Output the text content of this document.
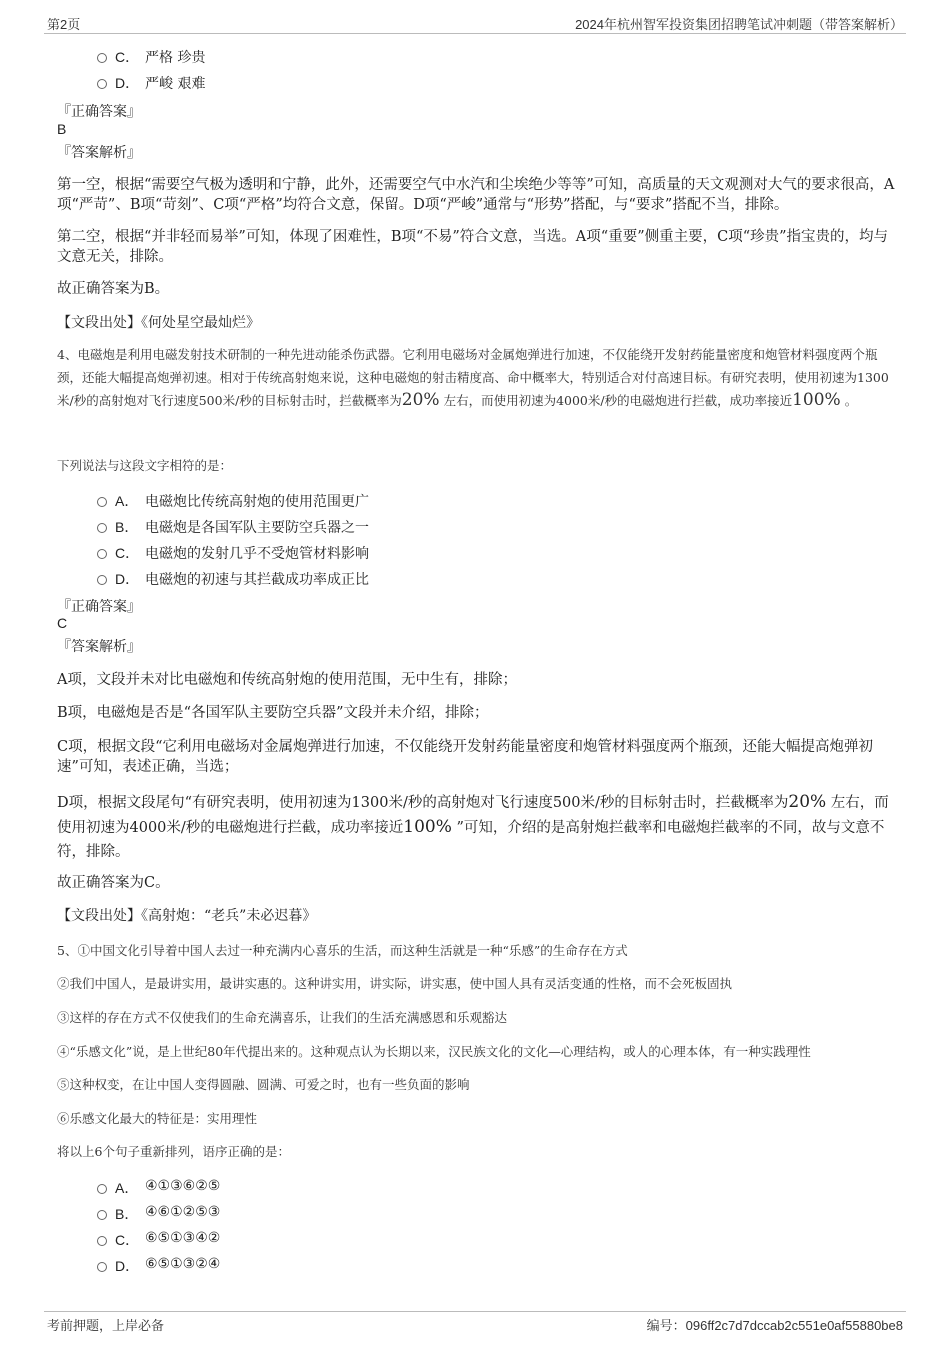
第2页	2024年杭州智军投资集团招聘笔试冲刺题（带答案解析）
C． 严格 珍贵
D． 严峻 艰难
『正确答案』
B
『答案解析』
第一空，根据“需要空气极为透明和宁静，此外，还需要空气中水汽和尘埃绝少等等”可知，高质量的天文观测对大气的要求很高，A项“严苛”、B项“苛刻”、C项“严格”均符合文意，保留。D项“严峻”通常与“形势”搭配，与“要求”搭配不当，排除。
第二空，根据“并非轻而易举”可知，体现了困难性，B项“不易”符合文意，当选。A项“重要”侧重主要，C项“珍贵”指宝贵的，均与文意无关，排除。
故正确答案为B。
【文段出处】《何处星空最灿烂》
4、电磁炮是利用电磁发射技术研制的一种先进动能杀伤武器。它利用电磁场对金属炮弹进行加速，不仅能绕开发射药能量密度和炮管材料强度两个瓶颈，还能大幅提高炮弹初速。相对于传统高射炮来说，这种电磁炮的射击精度高、命中概率大，特别适合对付高速目标。有研究表明，使用初速为1300米/秒的高射炮对飞行速度500米/秒的目标射击时，拦截概率为20% 左右，而使用初速为4000米/秒的电磁炮进行拦截，成功率接近100% 。
下列说法与这段文字相符的是：
A． 电磁炮比传统高射炮的使用范围更广
B． 电磁炮是各国军队主要防空兵器之一
C． 电磁炮的发射几乎不受炮管材料影响
D． 电磁炮的初速与其拦截成功率成正比
『正确答案』
C
『答案解析』
A项，文段并未对比电磁炮和传统高射炮的使用范围，无中生有，排除；
B项，电磁炮是否是“各国军队主要防空兵器”文段并未介绍，排除；
C项，根据文段“它利用电磁场对金属炮弹进行加速，不仅能绕开发射药能量密度和炮管材料强度两个瓶颈，还能大幅提高炮弹初速”可知，表述正确，当选；
D项，根据文段尾句“有研究表明，使用初速为1300米/秒的高射炮对飞行速度500米/秒的目标射击时，拦截概率为20% 左右，而使用初速为4000米/秒的电磁炮进行拦截，成功率接近100% ”可知，介绍的是高射炮拦截率和电磁炮拦截率的不同，故与文意不符，排除。
故正确答案为C。
【文段出处】《高射炮：“老兵”未必迟暮》
5、①中国文化引导着中国人去过一种充满内心喜乐的生活，而这种生活就是一种“乐感”的生命存在方式
②我们中国人，是最讲实用，最讲实惠的。这种讲实用，讲实际，讲实惠，使中国人具有灵活变通的性格，而不会死板固执
③这样的存在方式不仅使我们的生命充满喜乐，让我们的生活充满感恩和乐观豁达
④“乐感文化”说，是上世纪80年代提出来的。这种观点认为长期以来，汉民族文化的文化—心理结构，或人的心理本体，有一种实践理性
⑤这种权变，在让中国人变得圆融、圆满、可爱之时，也有一些负面的影响
⑥乐感文化最大的特征是：实用理性
将以上6个句子重新排列，语序正确的是：
A． ④①③⑥②⑤
B． ④⑥①②⑤③
C． ⑥⑤①③④②
D． ⑥⑤①③②④
考前押题，上岸必备	编号：096ff2c7d7dccab2c551e0af55880be8
